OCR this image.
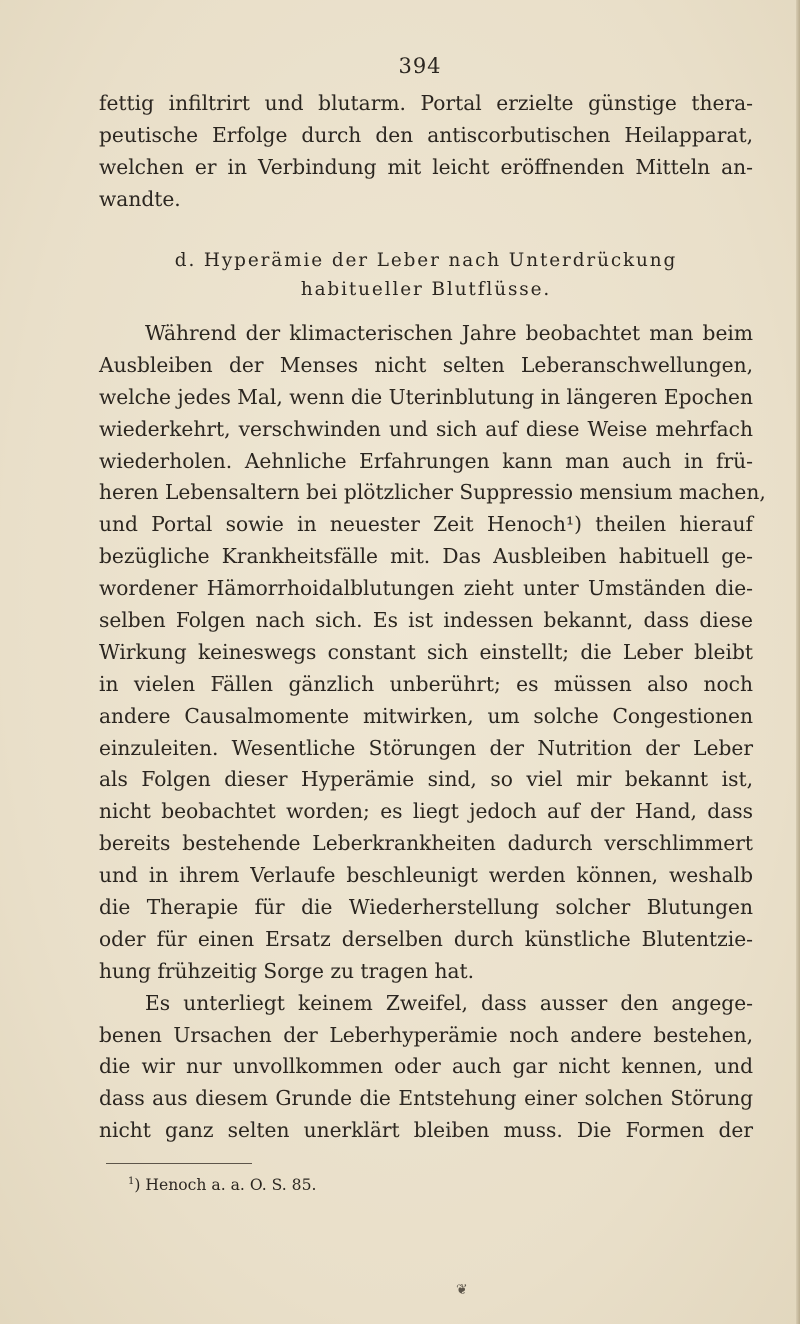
394
fettig infiltrirt und blutarm. Portal erzielte günstige thera-
peutische Erfolge durch den antiscorbutischen Heilapparat,
welchen er in Verbindung mit leicht eröffnenden Mitteln an-
wandte.
d. Hyperämie der Leber nach Unterdrückung
habitueller Blutflüsse.
Während der klimacterischen Jahre beobachtet man beim
Ausbleiben der Menses nicht selten Leberanschwellungen,
welche jedes Mal, wenn die Uterinblutung in längeren Epochen
wiederkehrt, verschwinden und sich auf diese Weise mehrfach
wiederholen. Aehnliche Erfahrungen kann man auch in frü-
heren Lebensaltern bei plötzlicher Suppressio mensium machen,
und Portal sowie in neuester Zeit Henoch¹) theilen hierauf
bezügliche Krankheitsfälle mit. Das Ausbleiben habituell ge-
wordener Hämorrhoidalblutungen zieht unter Umständen die-
selben Folgen nach sich. Es ist indessen bekannt, dass diese
Wirkung keineswegs constant sich einstellt; die Leber bleibt
in vielen Fällen gänzlich unberührt; es müssen also noch
andere Causalmomente mitwirken, um solche Congestionen
einzuleiten. Wesentliche Störungen der Nutrition der Leber
als Folgen dieser Hyperämie sind, so viel mir bekannt ist,
nicht beobachtet worden; es liegt jedoch auf der Hand, dass
bereits bestehende Leberkrankheiten dadurch verschlimmert
und in ihrem Verlaufe beschleunigt werden können, weshalb
die Therapie für die Wiederherstellung solcher Blutungen
oder für einen Ersatz derselben durch künstliche Blutentzie-
hung frühzeitig Sorge zu tragen hat.
Es unterliegt keinem Zweifel, dass ausser den angege-
benen Ursachen der Leberhyperämie noch andere bestehen,
die wir nur unvollkommen oder auch gar nicht kennen, und
dass aus diesem Grunde die Entstehung einer solchen Störung
nicht ganz selten unerklärt bleiben muss. Die Formen der
$^1$) Henoch a. a. O. S. 85.
❦
